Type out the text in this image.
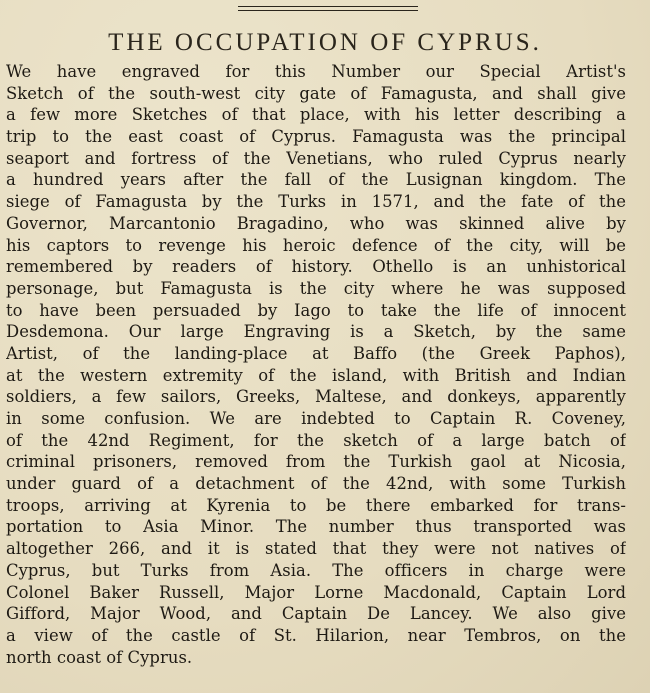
THE OCCUPATION OF CYPRUS.
We have engraved for this Number our Special Artist's
Sketch of the south-west city gate of Famagusta, and shall give
a few more Sketches of that place, with his letter describing a
trip to the east coast of Cyprus. Famagusta was the principal
seaport and fortress of the Venetians, who ruled Cyprus nearly
a hundred years after the fall of the Lusignan kingdom. The
siege of Famagusta by the Turks in 1571, and the fate of the
Governor, Marcantonio Bragadino, who was skinned alive by
his captors to revenge his heroic defence of the city, will be
remembered by readers of history. Othello is an unhistorical
personage, but Famagusta is the city where he was supposed
to have been persuaded by Iago to take the life of innocent
Desdemona. Our large Engraving is a Sketch, by the same
Artist, of the landing-place at Baffo (the Greek Paphos),
at the western extremity of the island, with British and Indian
soldiers, a few sailors, Greeks, Maltese, and donkeys, apparently
in some confusion. We are indebted to Captain R. Coveney,
of the 42nd Regiment, for the sketch of a large batch of
criminal prisoners, removed from the Turkish gaol at Nicosia,
under guard of a detachment of the 42nd, with some Turkish
troops, arriving at Kyrenia to be there embarked for trans-
portation to Asia Minor. The number thus transported was
altogether 266, and it is stated that they were not natives of
Cyprus, but Turks from Asia. The officers in charge were
Colonel Baker Russell, Major Lorne Macdonald, Captain Lord
Gifford, Major Wood, and Captain De Lancey. We also give
a view of the castle of St. Hilarion, near Tembros, on the
north coast of Cyprus.
